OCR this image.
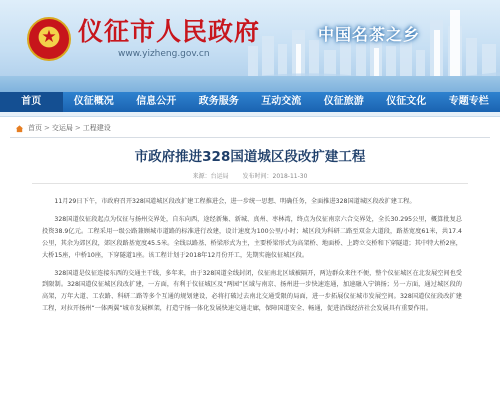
★
仪征市人民政府
www.yizheng.gov.cn
中国名茶之乡
首页	仪征概况	信息公开	政务服务	互动交流	仪征旅游	仪征文化	专题专栏
首页 > 交运局 > 工程建设
市政府推进328国道城区段改扩建工程
来源：台运局 发布时间：2018-11-30

11月29日下午，市政府召开328国道城区段改扩建工程推进会，进一步统一思想、明确任务，全面推进328国道城区段改扩建工程。

328国道仪征段起点为仪征与扬州交界处，自东向西，途经新集、新城、真州、枣林湾，终点为仪征南京六合交界处，全长30.295公里，概算批复总投资38.9亿元。工程采用一级公路兼顾城市道路的标准进行改建，设计速度为100公里/小时；城区段为科研二路至双金大道段，路基宽度61米，共17.4公里，其余为郊区段，郊区段路基宽度45.5米。全线以路基、桥梁形式为主，主要桥梁形式为高架桥、地面桥、上跨立交桥和下穿隧道；其中特大桥2座，大桥15座，中桥10座，下穿隧道1座。该工程计划于2018年12月份开工，先期实施仪征城区段。

328国道是仪征连接东西的交通主干线，多年来，由于328国道全线封闭，仪征南北区域被隔开，两边群众来往不便，整个仪征城区在北发展空间也受到限制。328国道仪征城区段改扩建，一方面，有利于仪征城区及“两园”区域与南京、扬州进一步快速连通，加速融入宁镇扬；另一方面，通过城区段的高架，万年大道、工农路、科研二路等多个互通的规划建设，必将打破过去南北交通受限的局面，进一步拓展仪征城市发展空间。328国道仪征段改扩建工程，对拉开扬州“一体两翼”城市发展框架，打造宁扬一体化发展快速交通走廊，保障国道安全、畅通，促进沿线经济社会发展具有重要作用。
